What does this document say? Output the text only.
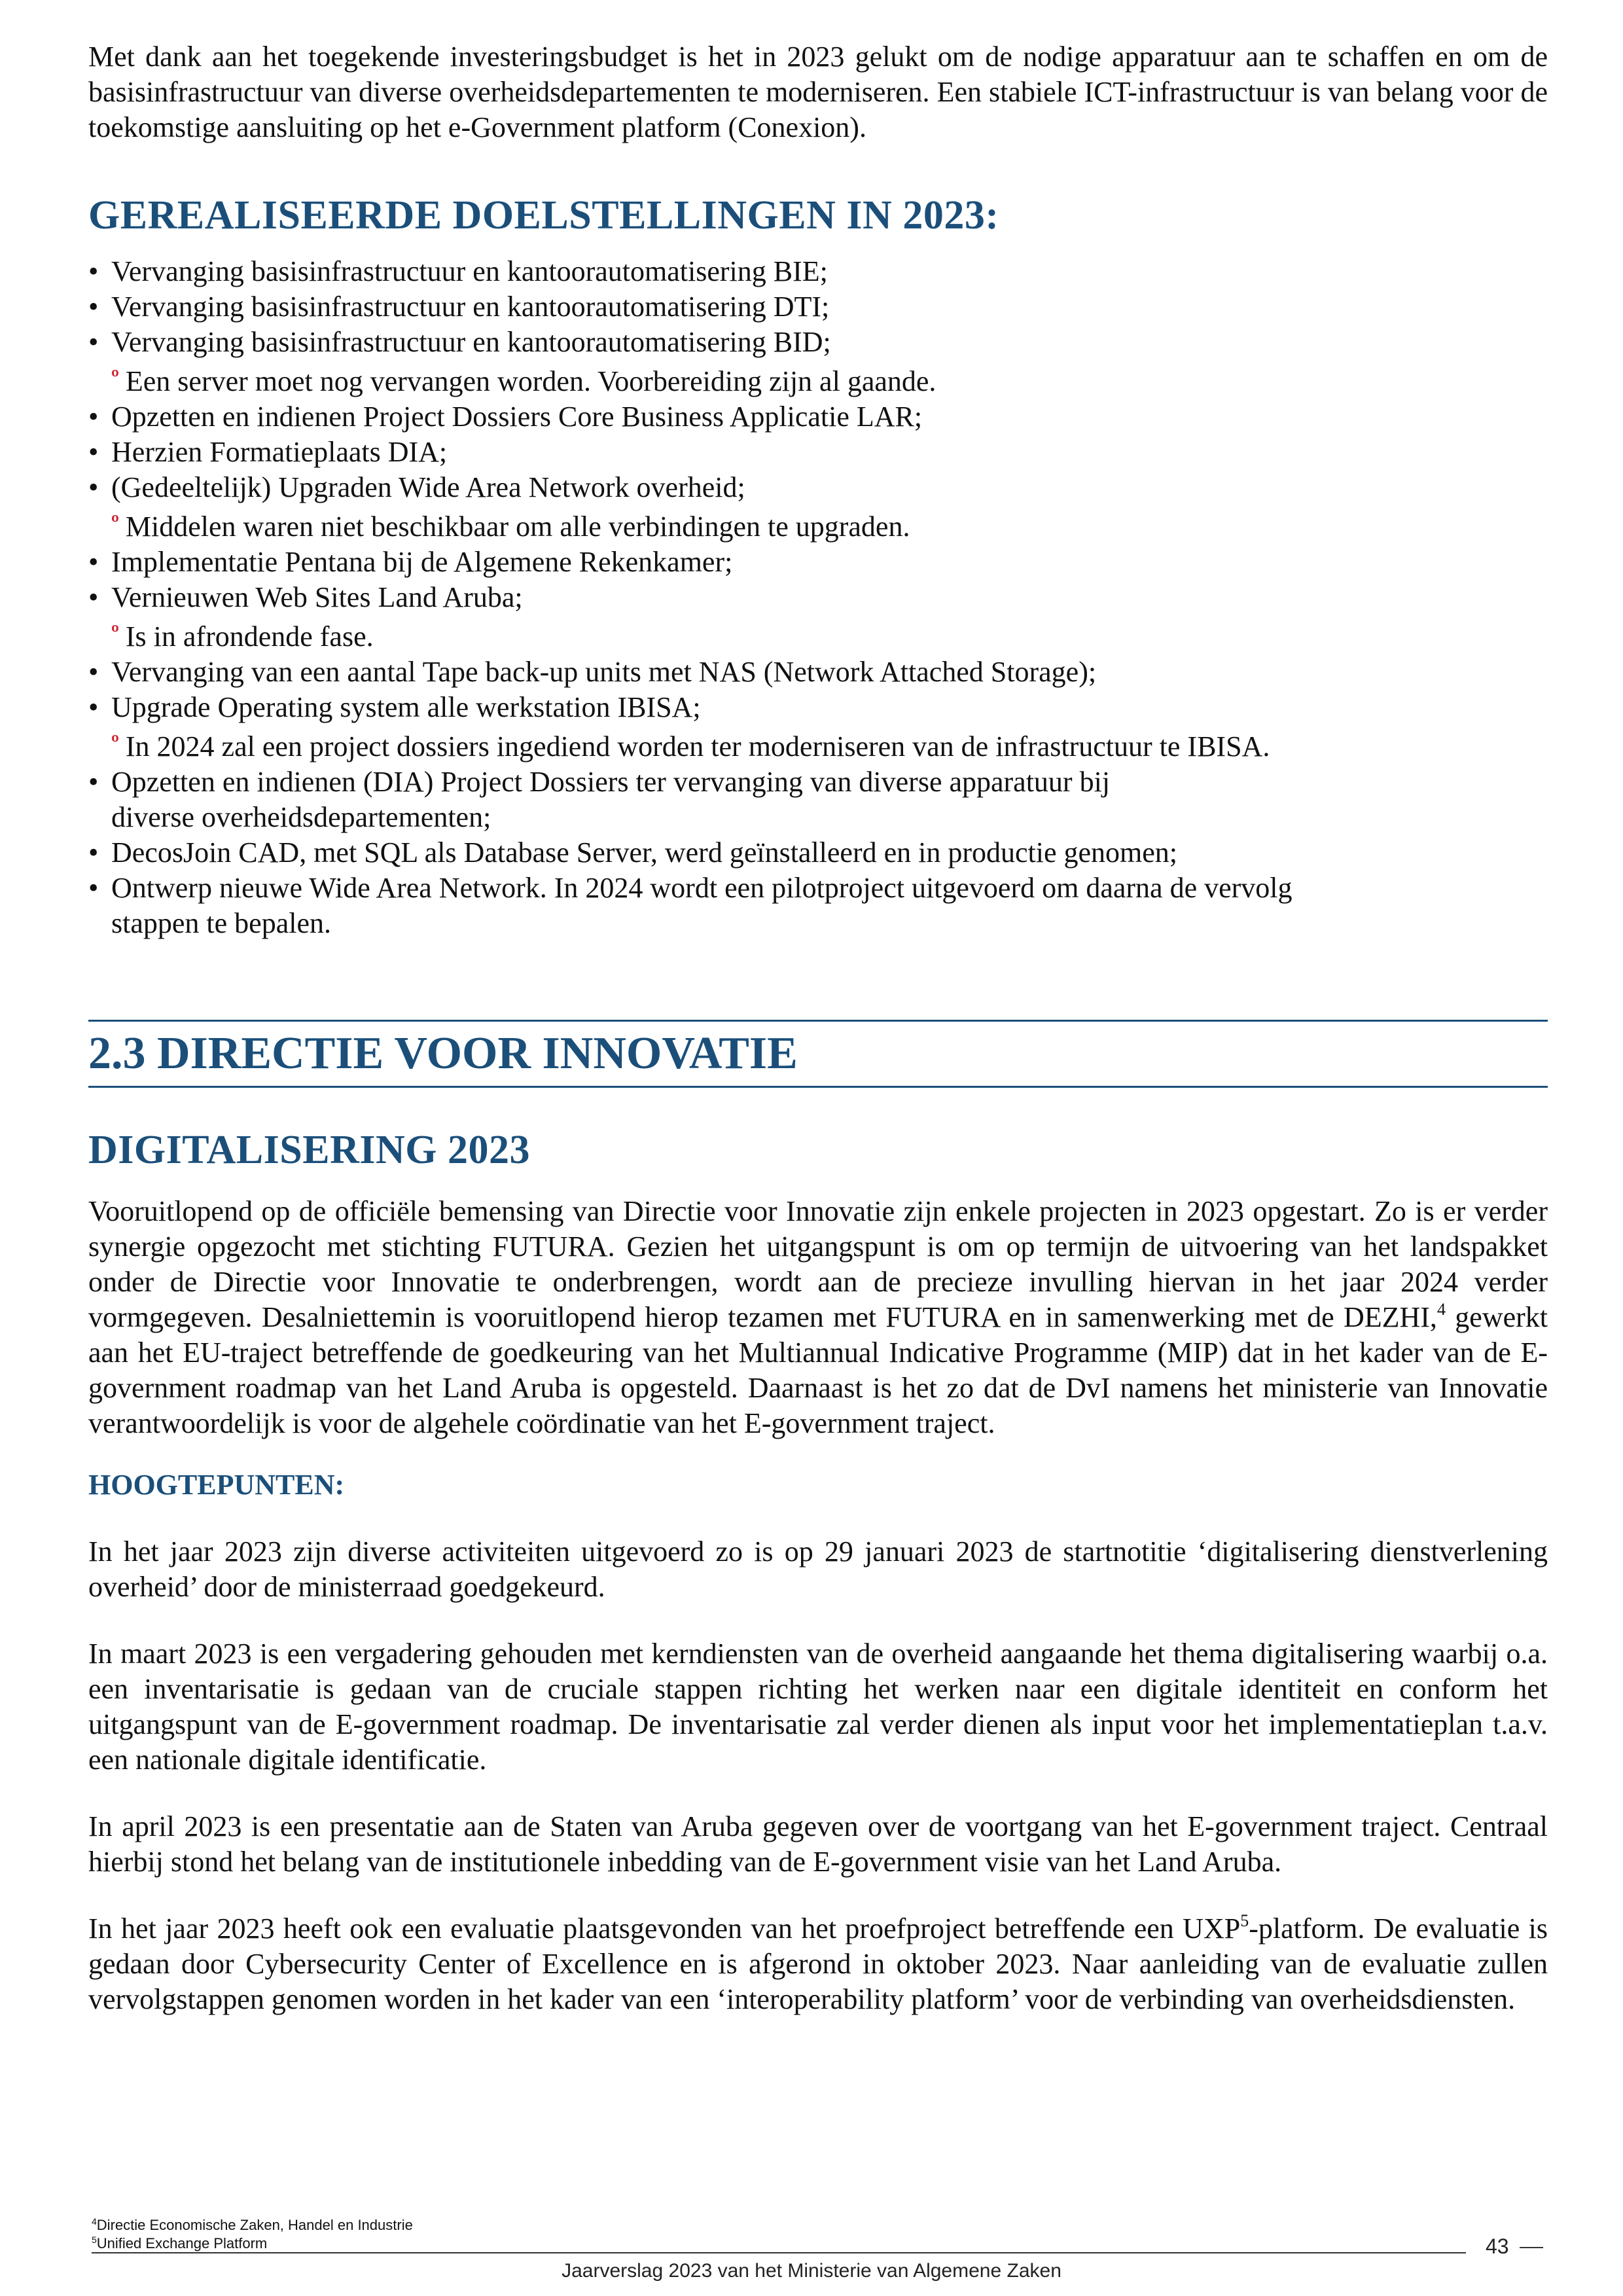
Met dank aan het toegekende investeringsbudget is het in 2023 gelukt om de nodige apparatuur aan te schaffen en om de basisinfrastructuur van diverse overheidsdepartementen te moderniseren. Een stabiele ICT-infrastructuur is van belang voor de toekomstige aansluiting op het e-Government platform (Conexion).

GEREALISEERDE DOELSTELLINGEN IN 2023:
• Vervanging basisinfrastructuur en kantoorautomatisering BIE;
• Vervanging basisinfrastructuur en kantoorautomatisering DTI;
• Vervanging basisinfrastructuur en kantoorautomatisering BID;
º Een server moet nog vervangen worden. Voorbereiding zijn al gaande.
• Opzetten en indienen Project Dossiers Core Business Applicatie LAR;
• Herzien Formatieplaats DIA;
• (Gedeeltelijk) Upgraden Wide Area Network overheid;
º Middelen waren niet beschikbaar om alle verbindingen te upgraden.
• Implementatie Pentana bij de Algemene Rekenkamer;
• Vernieuwen Web Sites Land Aruba;
º Is in afrondende fase.
• Vervanging van een aantal Tape back-up units met NAS (Network Attached Storage);
• Upgrade Operating system alle werkstation IBISA;
º In 2024 zal een project dossiers ingediend worden ter moderniseren van de infrastructuur te IBISA.
• Opzetten en indienen (DIA) Project Dossiers ter vervanging van diverse apparatuur bij
diverse overheidsdepartementen;
• DecosJoin CAD, met SQL als Database Server, werd geïnstalleerd en in productie genomen;
• Ontwerp nieuwe Wide Area Network. In 2024 wordt een pilotproject uitgevoerd om daarna de vervolg
stappen te bepalen.
2.3 DIRECTIE VOOR INNOVATIE
DIGITALISERING 2023

Vooruitlopend op de officiële bemensing van Directie voor Innovatie zijn enkele projecten in 2023 opgestart. Zo is er verder synergie opgezocht met stichting FUTURA. Gezien het uitgangspunt is om op termijn de uitvoering van het landspakket onder de Directie voor Innovatie te onderbrengen, wordt aan de precieze invulling hiervan in het jaar 2024 verder vormgegeven. Desalniettemin is vooruitlopend hierop tezamen met FUTURA en in samenwerking met de DEZHI,$^4$ gewerkt aan het EU-traject betreffende de goedkeuring van het Multiannual Indicative Programme (MIP) dat in het kader van de E-government roadmap van het Land Aruba is opgesteld. Daarnaast is het zo dat de DvI namens het ministerie van Innovatie verantwoordelijk is voor de algehele coördinatie van het E-government traject.

HOOGTEPUNTEN:

In het jaar 2023 zijn diverse activiteiten uitgevoerd zo is op 29 januari 2023 de startnotitie ‘digitalisering dienstverlening overheid’ door de ministerraad goedgekeurd.

In maart 2023 is een vergadering gehouden met kerndiensten van de overheid aangaande het thema digitalisering waarbij o.a. een inventarisatie is gedaan van de cruciale stappen richting het werken naar een digitale identiteit en conform het uitgangspunt van de E-government roadmap. De inventarisatie zal verder dienen als input voor het implementatieplan t.a.v. een nationale digitale identificatie.

In april 2023 is een presentatie aan de Staten van Aruba gegeven over de voortgang van het E-government traject. Centraal hierbij stond het belang van de institutionele inbedding van de E-government visie van het Land Aruba.

In het jaar 2023 heeft ook een evaluatie plaatsgevonden van het proefproject betreffende een UXP$^5$-platform. De evaluatie is gedaan door Cybersecurity Center of Excellence en is afgerond in oktober 2023. Naar aanleiding van de evaluatie zullen vervolgstappen genomen worden in het kader van een ‘interoperability platform’ voor de verbinding van overheidsdiensten.

$^4$Directie Economische Zaken, Handel en Industrie
$^5$Unified Exchange Platform	43
Jaarverslag 2023 van het Ministerie van Algemene Zaken
